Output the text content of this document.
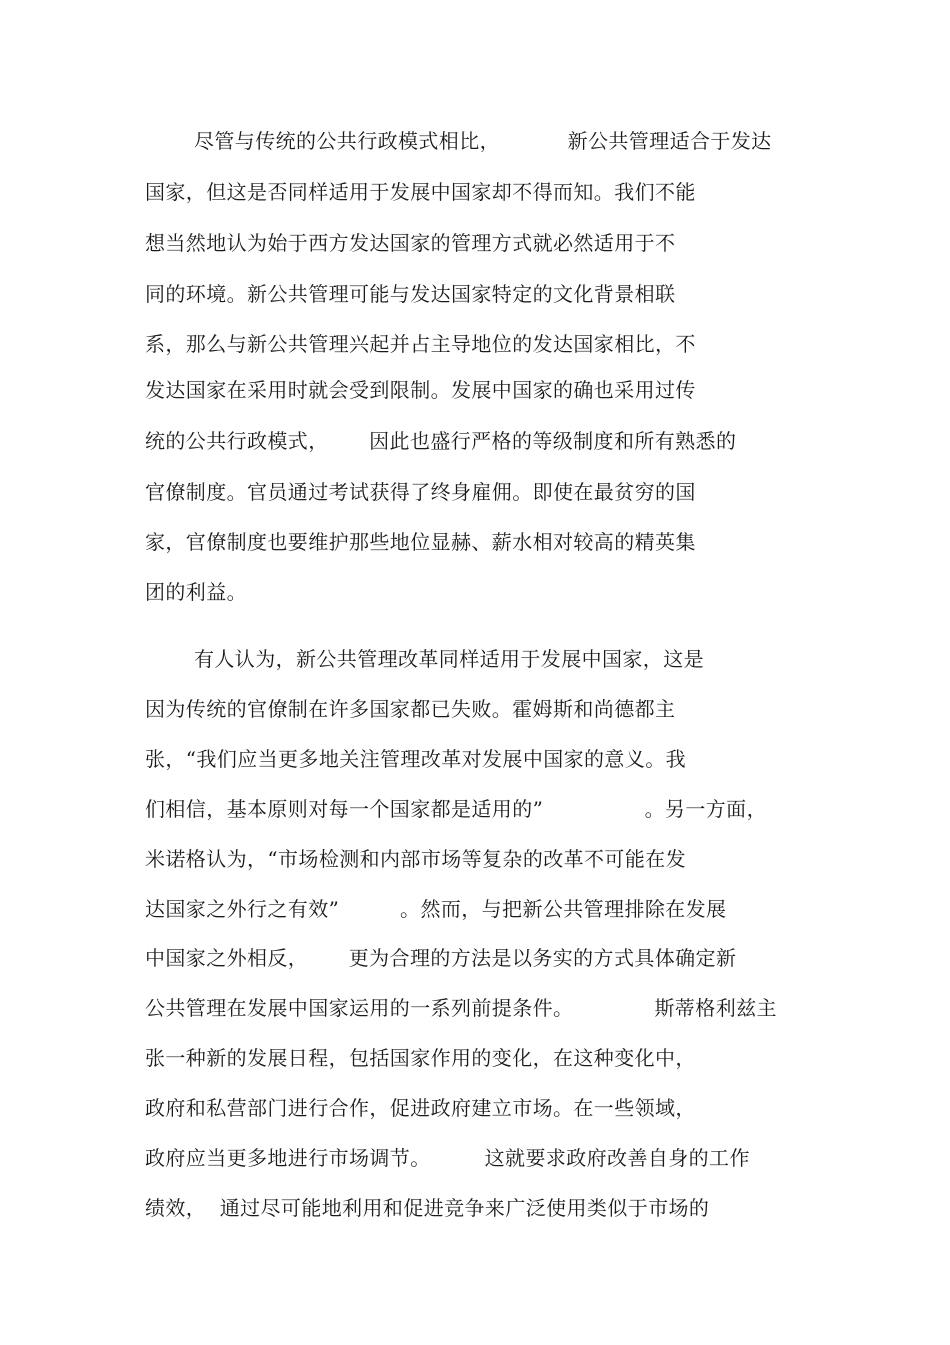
尽管与传统的公共行政模式相比，          新公共管理适合于发达
国家，但这是否同样适用于发展中国家却不得而知。我们不能
想当然地认为始于西方发达国家的管理方式就必然适用于不
同的环境。新公共管理可能与发达国家特定的文化背景相联
系，那么与新公共管理兴起并占主导地位的发达国家相比，不
发达国家在采用时就会受到限制。发展中国家的确也采用过传
统的公共行政模式，      因此也盛行严格的等级制度和所有熟悉的
官僚制度。官员通过考试获得了终身雇佣。即使在最贫穷的国
家，官僚制度也要维护那些地位显赫、薪水相对较高的精英集
团的利益。
有人认为，新公共管理改革同样适用于发展中国家，这是
因为传统的官僚制在许多国家都已失败。霍姆斯和尚德都主
张，“我们应当更多地关注管理改革对发展中国家的意义。我
们相信，基本原则对每一个国家都是适用的”               。另一方面，
米诺格认为，“市场检测和内部市场等复杂的改革不可能在发
达国家之外行之有效”         。然而，与把新公共管理排除在发展
中国家之外相反，      更为合理的方法是以务实的方式具体确定新
公共管理在发展中国家运用的一系列前提条件。            斯蒂格利兹主
张一种新的发展日程，包括国家作用的变化，在这种变化中，
政府和私营部门进行合作，促进政府建立市场。在一些领域，
政府应当更多地进行市场调节。        这就要求政府改善自身的工作
绩效，  通过尽可能地利用和促进竞争来广泛使用类似于市场的
